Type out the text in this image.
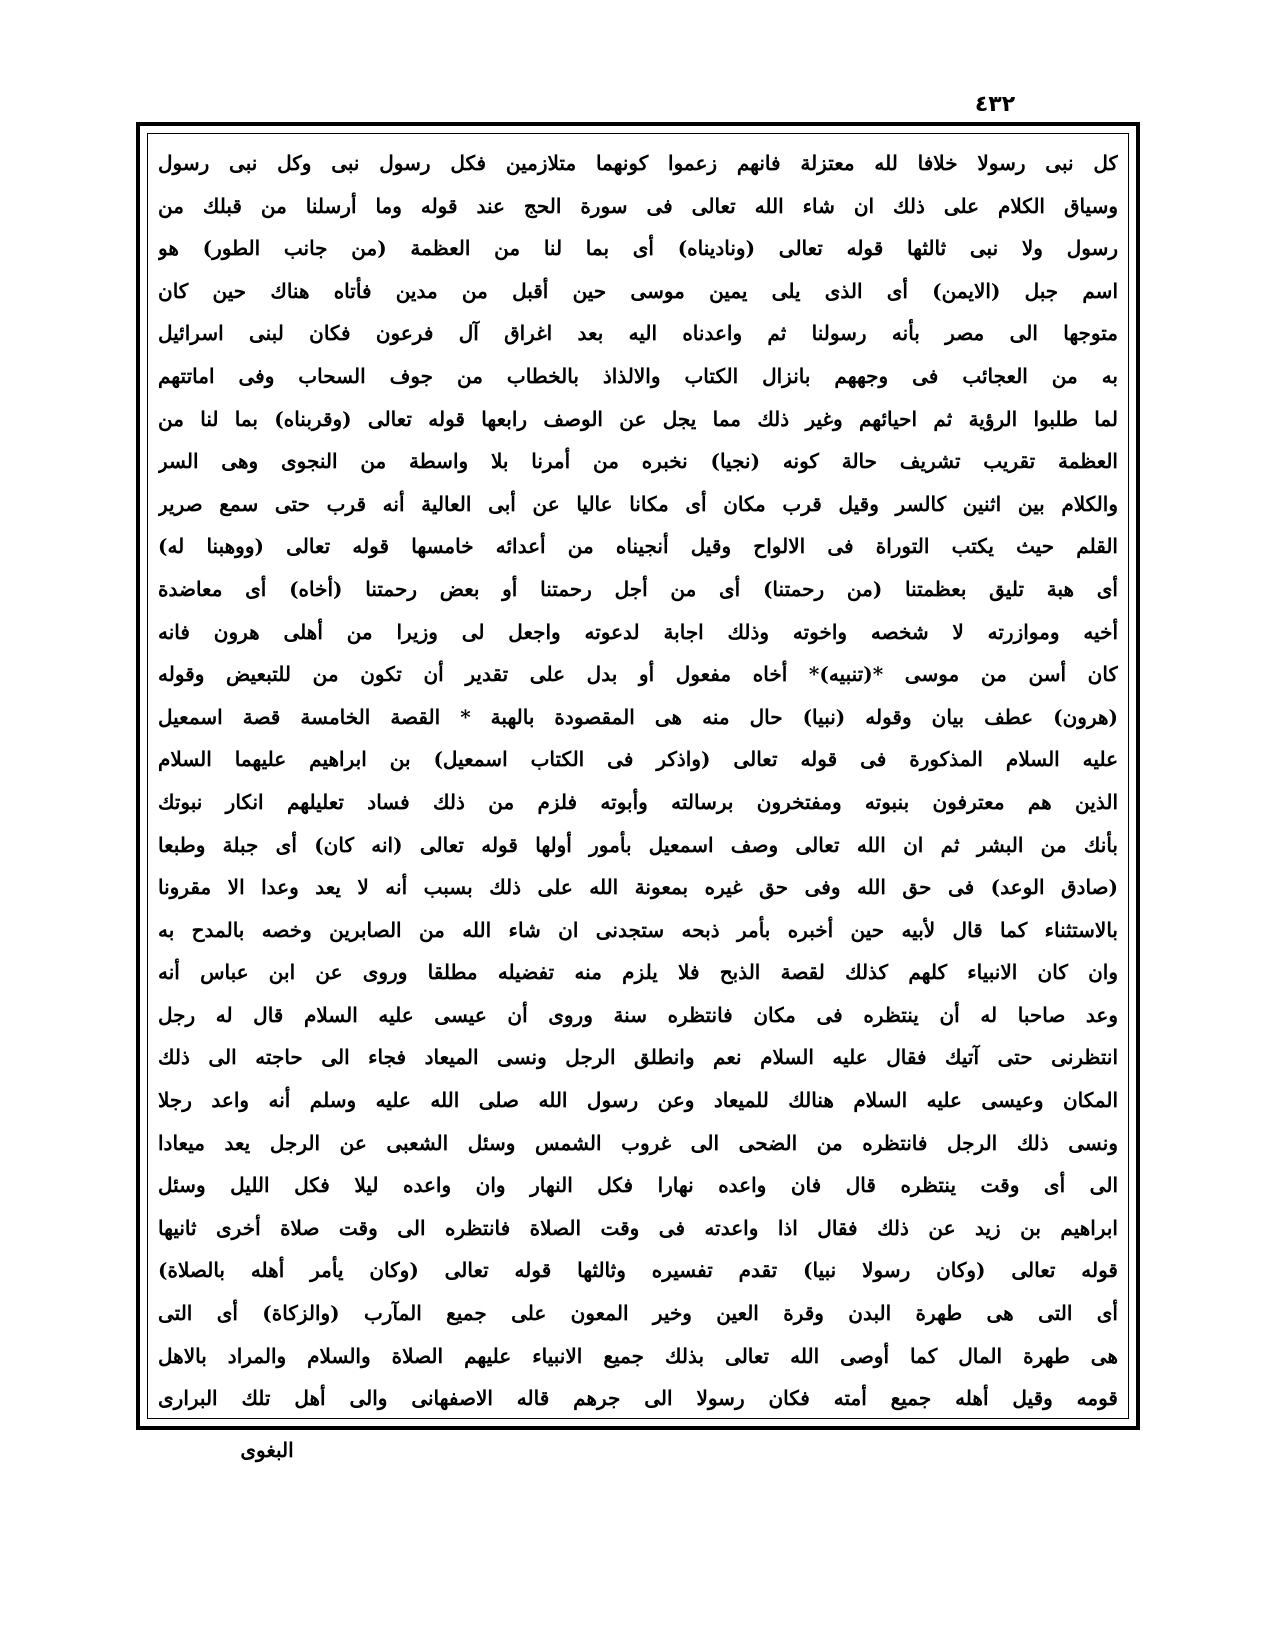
٤٣٢
كل نبى رسولا خلافا لله معتزلة فانهم زعموا كونهما متلازمين فكل رسول نبى وكل نبى رسول
وسياق الكلام على ذلك ان شاء الله تعالى فى سورة الحج عند قوله وما أرسلنا من قبلك من
رسول ولا نبى ثالثها قوله تعالى (وناديناه) أى بما لنا من العظمة (من جانب الطور) هو
اسم جبل (الايمن) أى الذى يلى يمين موسى حين أقبل من مدين فأتاه هناك حين كان
متوجها الى مصر بأنه رسولنا ثم واعدناه اليه بعد اغراق آل فرعون فكان لبنى اسرائيل
به من العجائب فى وجههم بانزال الكتاب والالذاذ بالخطاب من جوف السحاب وفى اماتتهم
لما طلبوا الرؤية ثم احيائهم وغير ذلك مما يجل عن الوصف رابعها قوله تعالى (وقربناه) بما لنا من
العظمة تقريب تشريف حالة كونه (نجيا) نخبره من أمرنا بلا واسطة من النجوى وهى السر
والكلام بين اثنين كالسر وقيل قرب مكان أى مكانا عاليا عن أبى العالية أنه قرب حتى سمع صرير
القلم حيث يكتب التوراة فى الالواح وقيل أنجيناه من أعدائه خامسها قوله تعالى (ووهبنا له)
أى هبة تليق بعظمتنا (من رحمتنا) أى من أجل رحمتنا أو بعض رحمتنا (أخاه) أى معاضدة
أخيه وموازرته لا شخصه واخوته وذلك اجابة لدعوته واجعل لى وزيرا من أهلى هرون فانه
كان أسن من موسى *(تنبيه)* أخاه مفعول أو بدل على تقدير أن تكون من للتبعيض وقوله
(هرون) عطف بيان وقوله (نبيا) حال منه هى المقصودة بالهبة * القصة الخامسة قصة اسمعيل
عليه السلام المذكورة فى قوله تعالى (واذكر فى الكتاب اسمعيل) بن ابراهيم عليهما السلام
الذين هم معترفون بنبوته ومفتخرون برسالته وأبوته فلزم من ذلك فساد تعليلهم انكار نبوتك
بأنك من البشر ثم ان الله تعالى وصف اسمعيل بأمور أولها قوله تعالى (انه كان) أى جبلة وطبعا
(صادق الوعد) فى حق الله وفى حق غيره بمعونة الله على ذلك بسبب أنه لا يعد وعدا الا مقرونا
بالاستثناء كما قال لأبيه حين أخبره بأمر ذبحه ستجدنى ان شاء الله من الصابرين وخصه بالمدح به
وان كان الانبياء كلهم كذلك لقصة الذبح فلا يلزم منه تفضيله مطلقا وروى عن ابن عباس أنه
وعد صاحبا له أن ينتظره فى مكان فانتظره سنة وروى أن عيسى عليه السلام قال له رجل
انتظرنى حتى آتيك فقال عليه السلام نعم وانطلق الرجل ونسى الميعاد فجاء الى حاجته الى ذلك
المكان وعيسى عليه السلام هنالك للميعاد وعن رسول الله صلى الله عليه وسلم أنه واعد رجلا
ونسى ذلك الرجل فانتظره من الضحى الى غروب الشمس وسئل الشعبى عن الرجل يعد ميعادا
الى أى وقت ينتظره قال فان واعده نهارا فكل النهار وان واعده ليلا فكل الليل وسئل
ابراهيم بن زيد عن ذلك فقال اذا واعدته فى وقت الصلاة فانتظره الى وقت صلاة أخرى ثانيها
قوله تعالى (وكان رسولا نبيا) تقدم تفسيره وثالثها قوله تعالى (وكان يأمر أهله بالصلاة)
أى التى هى طهرة البدن وقرة العين وخير المعون على جميع المآرب (والزكاة) أى التى
هى طهرة المال كما أوصى الله تعالى بذلك جميع الانبياء عليهم الصلاة والسلام والمراد بالاهل
قومه وقيل أهله جميع أمته فكان رسولا الى جرهم قاله الاصفهانى والى أهل تلك البرارى
البغوى
